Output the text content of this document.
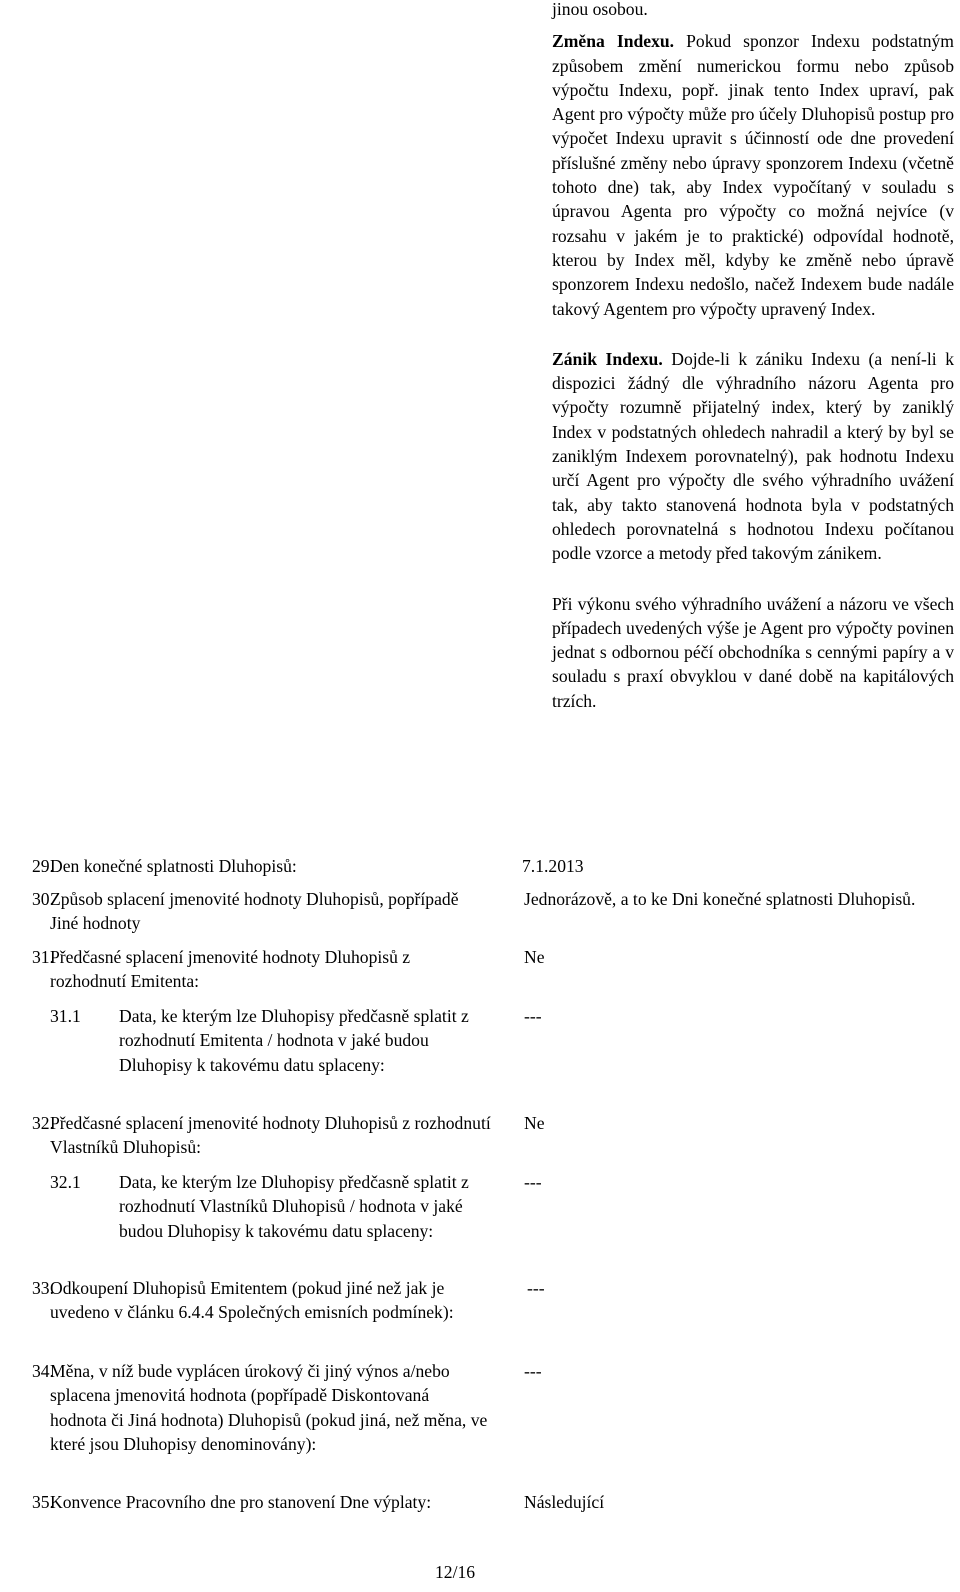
jinou osobou.

Změna Indexu. Pokud sponzor Indexu podstatným způsobem změní numerickou formu nebo způsob výpočtu Indexu, popř. jinak tento Index upraví, pak Agent pro výpočty může pro účely Dluhopisů postup pro výpočet Indexu upravit s účinností ode dne provedení příslušné změny nebo úpravy sponzorem Indexu (včetně tohoto dne) tak, aby Index vypočítaný v souladu s úpravou Agenta pro výpočty co možná nejvíce (v rozsahu v jakém je to praktické) odpovídal hodnotě, kterou by Index měl, kdyby ke změně nebo úpravě sponzorem Indexu nedošlo, načež Indexem bude nadále takový Agentem pro výpočty upravený Index.

Zánik Indexu. Dojde-li k zániku Indexu (a není-li k dispozici žádný dle výhradního názoru Agenta pro výpočty rozumně přijatelný index, který by zaniklý Index v podstatných ohledech nahradil a který by byl se zaniklým Indexem porovnatelný), pak hodnotu Indexu určí Agent pro výpočty dle svého výhradního uvážení tak, aby takto stanovená hodnota byla v podstatných ohledech porovnatelná s hodnotou Indexu počítanou podle vzorce a metody před takovým zánikem.

Při výkonu svého výhradního uvážení a názoru ve všech případech uvedených výše je Agent pro výpočty povinen jednat s odbornou péčí obchodníka s cennými papíry a v souladu s praxí obvyklou v dané době na kapitálových trzích.

29.
Den konečné splatnosti Dluhopisů:	7.1.2013
30.
Způsob splacení jmenovité hodnoty Dluhopisů, popřípadě Jiné hodnoty
Jednorázově, a to ke Dni konečné splatnosti Dluhopisů.
31.
Předčasné splacení jmenovité hodnoty Dluhopisů z rozhodnutí Emitenta:
Ne
31.1 Data, ke kterým lze Dluhopisy předčasně splatit z rozhodnutí Emitenta / hodnota v jaké budou Dluhopisy k takovému datu splaceny:
---
32.
Předčasné splacení jmenovité hodnoty Dluhopisů z rozhodnutí Vlastníků Dluhopisů:
Ne
32.1 Data, ke kterým lze Dluhopisy předčasně splatit z rozhodnutí Vlastníků Dluhopisů / hodnota v jaké budou Dluhopisy k takovému datu splaceny:
---
33.
Odkoupení Dluhopisů Emitentem (pokud jiné než jak je uvedeno v článku 6.4.4 Společných emisních podmínek):
---
34.
Měna, v níž bude vyplácen úrokový či jiný výnos a/nebo splacena jmenovitá hodnota (popřípadě Diskontovaná hodnota či Jiná hodnota) Dluhopisů (pokud jiná, než měna, ve které jsou Dluhopisy denominovány):
---
35.
Konvence Pracovního dne pro stanovení Dne výplaty:	Následující
12/16
